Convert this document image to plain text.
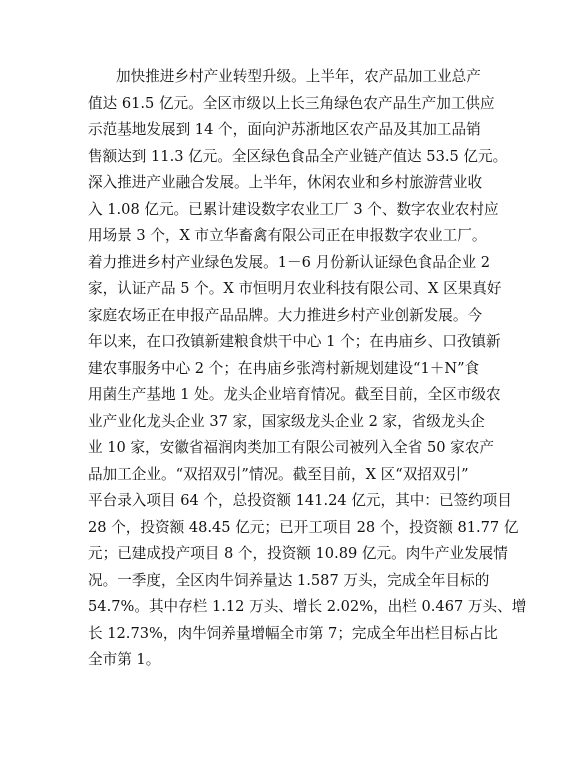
加快推进乡村产业转型升级。上半年，农产品加工业总产
值达 61.5 亿元。全区市级以上长三角绿色农产品生产加工供应
示范基地发展到 14 个，面向沪苏浙地区农产品及其加工品销
售额达到 11.3 亿元。全区绿色食品全产业链产值达 53.5 亿元。
深入推进产业融合发展。上半年，休闲农业和乡村旅游营业收
入 1.08 亿元。已累计建设数字农业工厂 3 个、数字农业农村应
用场景 3 个，X 市立华畜禽有限公司正在申报数字农业工厂。
着力推进乡村产业绿色发展。1－6 月份新认证绿色食品企业 2
家，认证产品 5 个。X 市恒明月农业科技有限公司、X 区果真好
家庭农场正在申报产品品牌。大力推进乡村产业创新发展。今
年以来，在口孜镇新建粮食烘干中心 1 个；在冉庙乡、口孜镇新
建农事服务中心 2 个；在冉庙乡张湾村新规划建设“1＋N”食
用菌生产基地 1 处。龙头企业培育情况。截至目前，全区市级农
业产业化龙头企业 37 家，国家级龙头企业 2 家，省级龙头企
业 10 家，安徽省福润肉类加工有限公司被列入全省 50 家农产
品加工企业。“双招双引”情况。截至目前，X 区“双招双引”
平台录入项目 64 个，总投资额 141.24 亿元，其中：已签约项目
28 个，投资额 48.45 亿元；已开工项目 28 个，投资额 81.77 亿
元；已建成投产项目 8 个，投资额 10.89 亿元。肉牛产业发展情
况。一季度，全区肉牛饲养量达 1.587 万头，完成全年目标的
54.7%。其中存栏 1.12 万头、增长 2.02%，出栏 0.467 万头、增
长 12.73%，肉牛饲养量增幅全市第 7；完成全年出栏目标占比
全市第 1。
